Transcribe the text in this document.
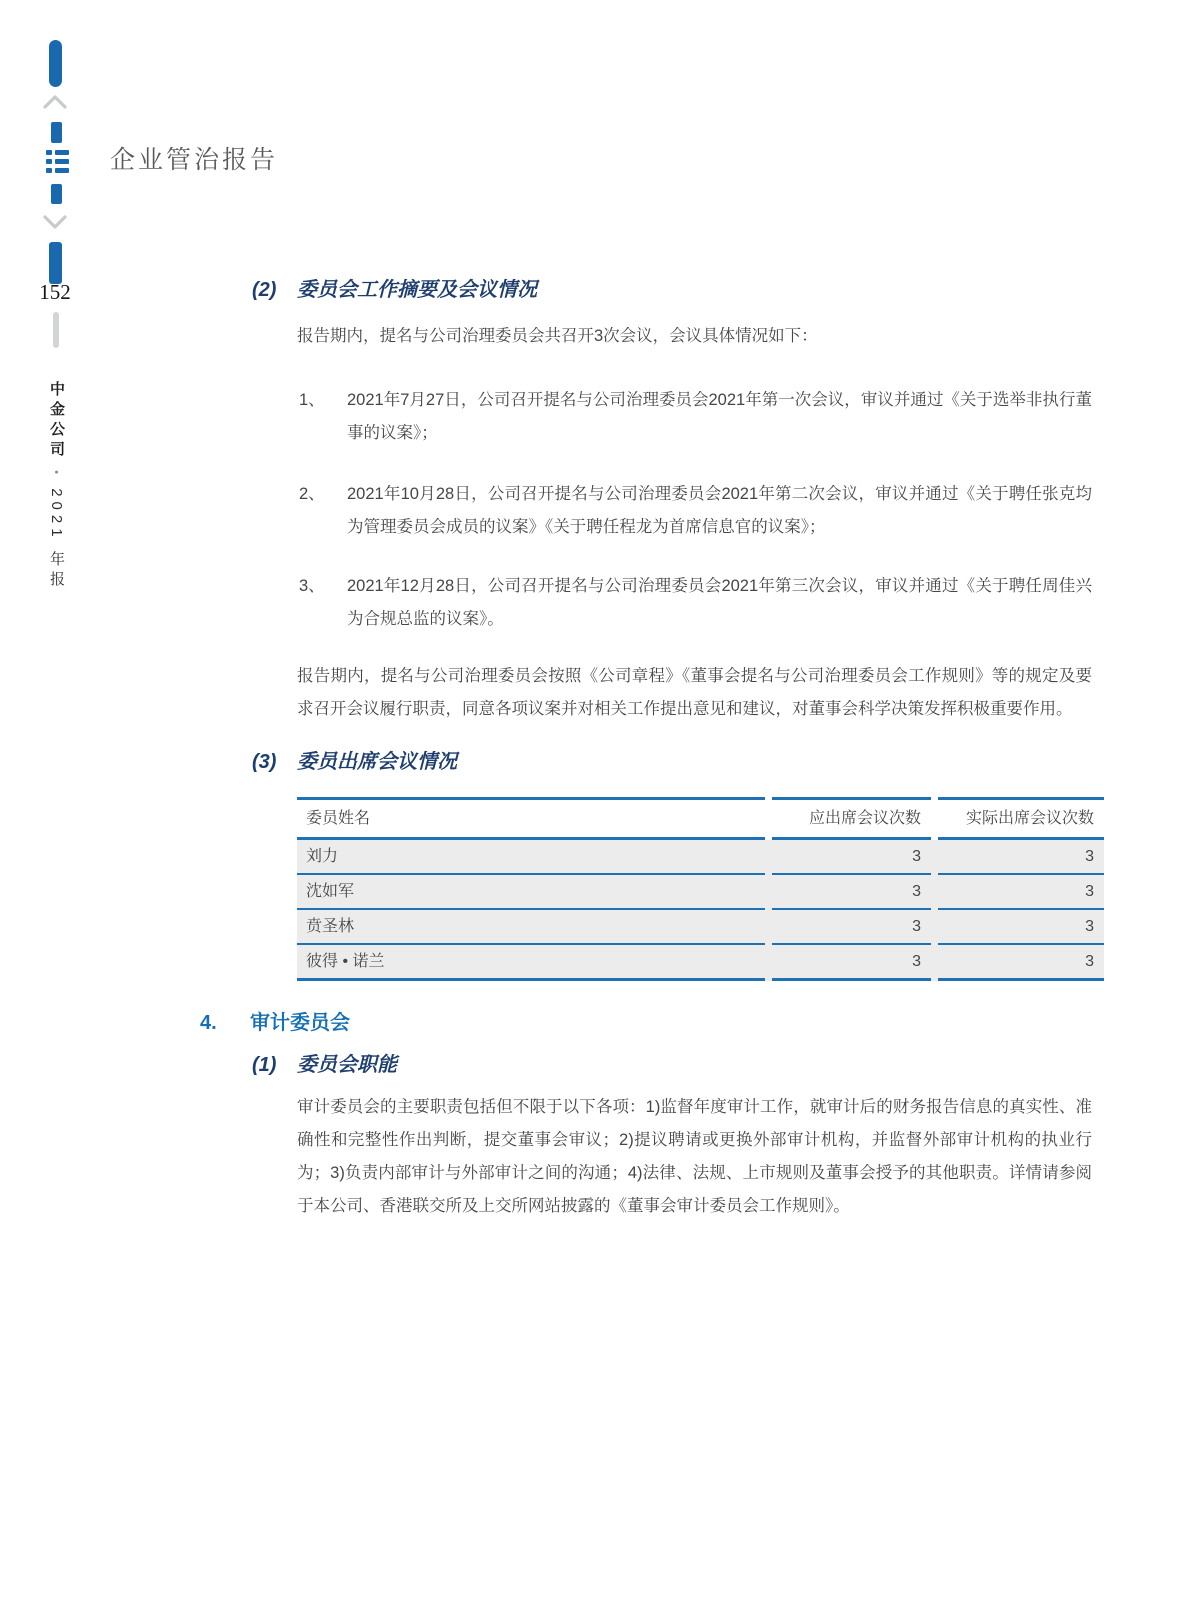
152
中金公司 • 2021 年报
企业管治报告
(2) 委员会工作摘要及会议情况
报告期内，提名与公司治理委员会共召开3次会议，会议具体情况如下：
1、	2021年7月27日，公司召开提名与公司治理委员会2021年第一次会议，审议并通过《关于选举非执行董事的议案》；
2、	2021年10月28日，公司召开提名与公司治理委员会2021年第二次会议，审议并通过《关于聘任张克均为管理委员会成员的议案》《关于聘任程龙为首席信息官的议案》；
3、	2021年12月28日，公司召开提名与公司治理委员会2021年第三次会议，审议并通过《关于聘任周佳兴为合规总监的议案》。
报告期内，提名与公司治理委员会按照《公司章程》《董事会提名与公司治理委员会工作规则》等的规定及要求召开会议履行职责，同意各项议案并对相关工作提出意见和建议，对董事会科学决策发挥积极重要作用。
(3) 委员出席会议情况
委员姓名	应出席会议次数	实际出席会议次数
刘力	3	3
沈如军	3	3
贲圣林	3	3
彼得 • 诺兰	3	3
4. 审计委员会
(1) 委员会职能
审计委员会的主要职责包括但不限于以下各项：1)监督年度审计工作，就审计后的财务报告信息的真实性、准确性和完整性作出判断，提交董事会审议；2)提议聘请或更换外部审计机构，并监督外部审计机构的执业行为；3)负责内部审计与外部审计之间的沟通；4)法律、法规、上市规则及董事会授予的其他职责。详情请参阅于本公司、香港联交所及上交所网站披露的《董事会审计委员会工作规则》。
